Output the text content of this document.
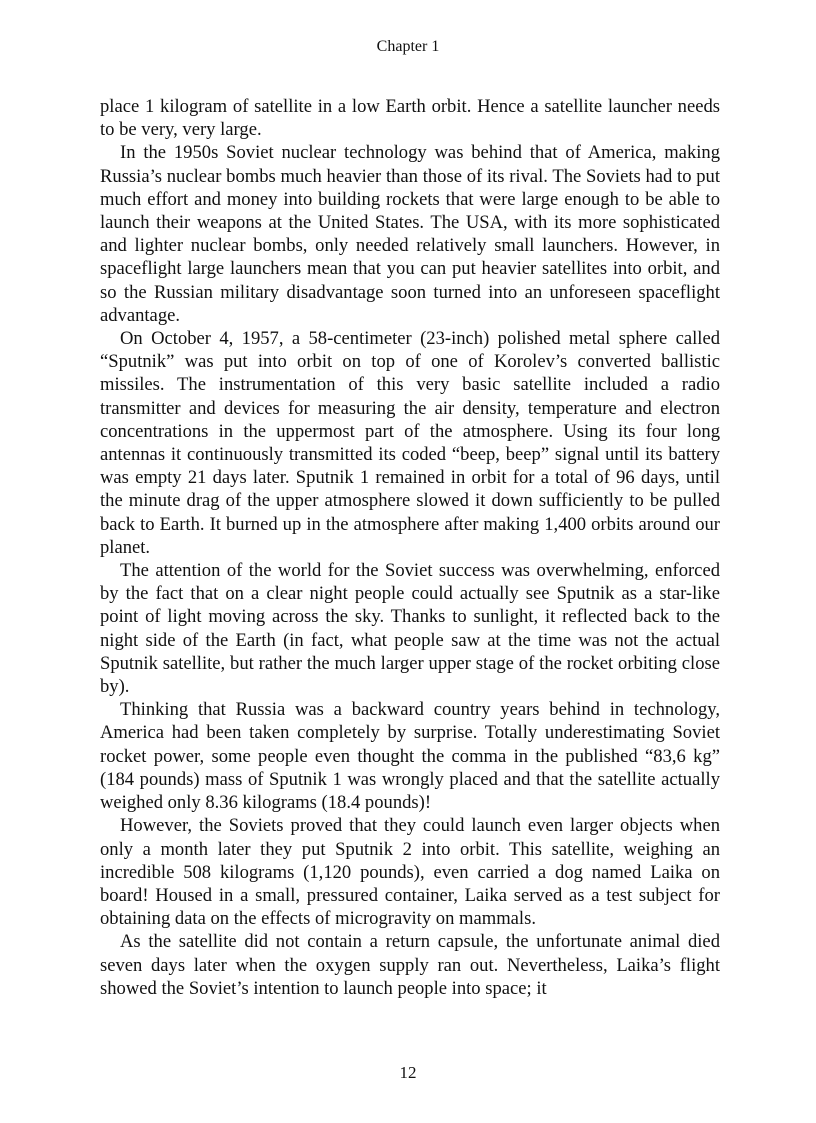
Chapter 1

place 1 kilogram of satellite in a low Earth orbit. Hence a satellite launcher needs to be very, very large.

In the 1950s Soviet nuclear technology was behind that of America, making Russia’s nuclear bombs much heavier than those of its rival. The Soviets had to put much effort and money into building rockets that were large enough to be able to launch their weapons at the United States. The USA, with its more sophisticated and lighter nuclear bombs, only needed relatively small launchers. However, in spaceflight large launchers mean that you can put heavier satellites into orbit, and so the Russian military disadvantage soon turned into an unforeseen spaceflight advantage.

On October 4, 1957, a 58-centimeter (23-inch) polished metal sphere called “Sputnik” was put into orbit on top of one of Korolev’s converted ballistic missiles. The instrumentation of this very basic satellite included a radio transmitter and devices for measuring the air density, temperature and electron concentrations in the uppermost part of the atmosphere. Using its four long antennas it continuously transmitted its coded “beep, beep” signal until its battery was empty 21 days later. Sputnik 1 remained in orbit for a total of 96 days, until the minute drag of the upper atmosphere slowed it down sufficiently to be pulled back to Earth. It burned up in the atmosphere after making 1,400 orbits around our planet.

The attention of the world for the Soviet success was overwhelming, enforced by the fact that on a clear night people could actually see Sputnik as a star-like point of light moving across the sky. Thanks to sunlight, it reflected back to the night side of the Earth (in fact, what people saw at the time was not the actual Sputnik satellite, but rather the much larger upper stage of the rocket orbiting close by).

Thinking that Russia was a backward country years behind in technology, America had been taken completely by surprise. Totally underestimating Soviet rocket power, some people even thought the comma in the published “83,6 kg” (184 pounds) mass of Sputnik 1 was wrongly placed and that the satellite actually weighed only 8.36 kilograms (18.4 pounds)!

However, the Soviets proved that they could launch even larger objects when only a month later they put Sputnik 2 into orbit. This satellite, weighing an incredible 508 kilograms (1,120 pounds), even carried a dog named Laika on board! Housed in a small, pressured container, Laika served as a test subject for obtaining data on the effects of microgravity on mammals.

As the satellite did not contain a return capsule, the unfortunate animal died seven days later when the oxygen supply ran out. Nevertheless, Laika’s flight showed the Soviet’s intention to launch people into space; it

12
